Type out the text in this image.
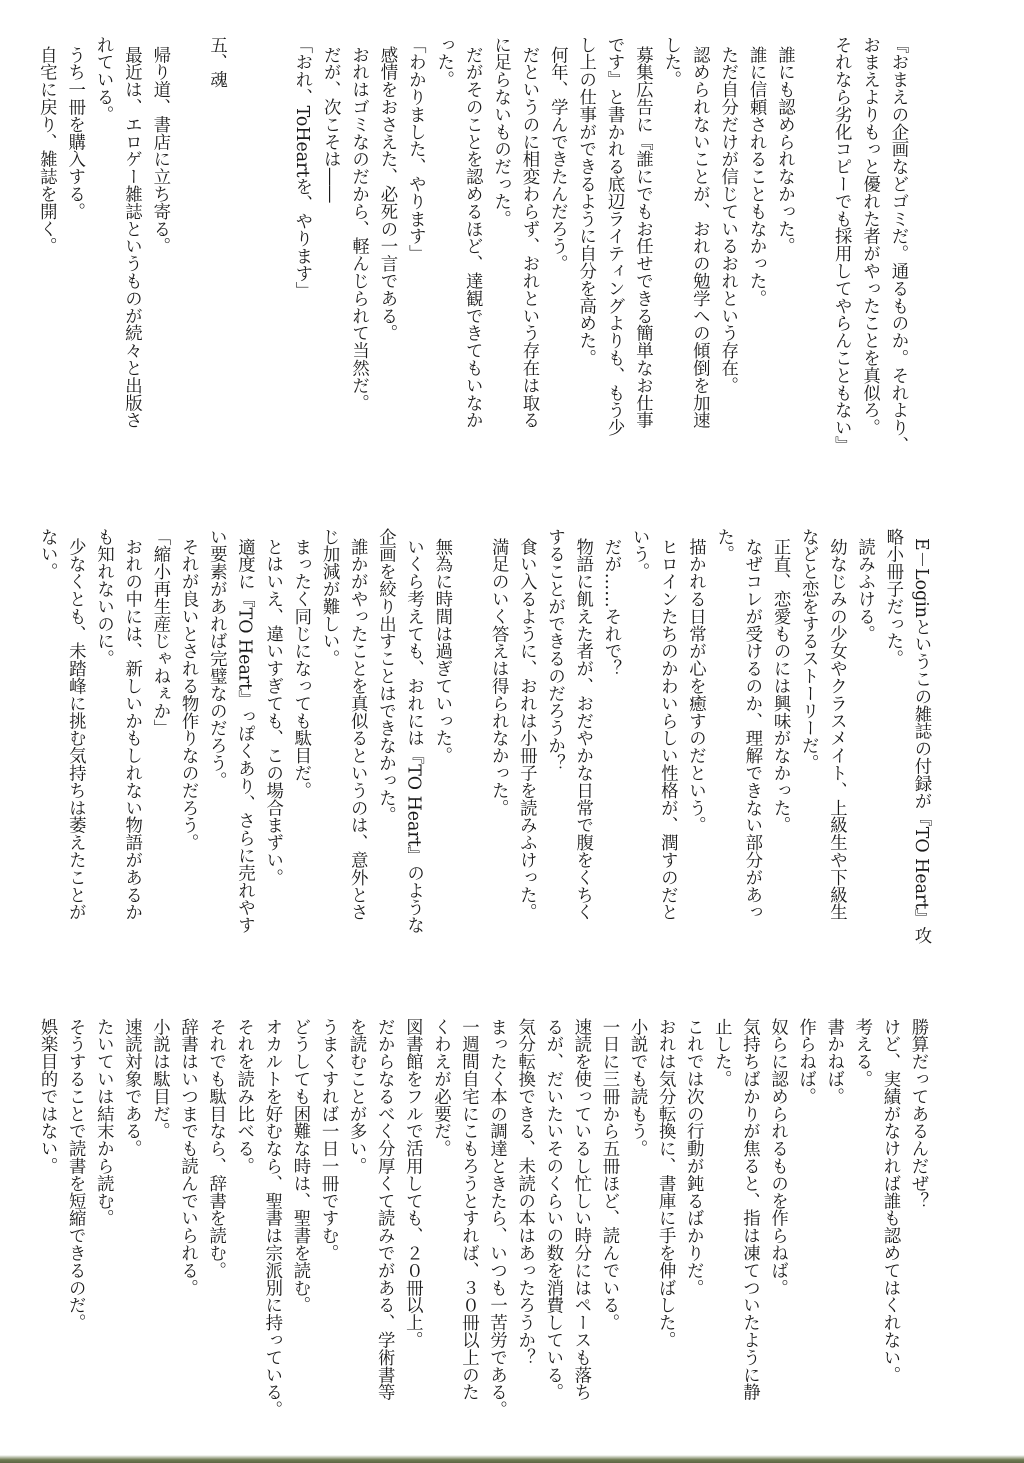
『おまえの企画などゴミだ。通るものか。それより、
おまえよりもっと優れた者がやったことを真似ろ。
それなら劣化コピーでも採用してやらんこともない』
誰にも認められなかった。
誰に信頼されることもなかった。
ただ自分だけが信じているおれという存在。
認められないことが、おれの勉学への傾倒を加速
した。
募集広告に『誰にでもお任せできる簡単なお仕事
です』と書かれる底辺ライティングよりも、もう少
し上の仕事ができるように自分を高めた。
何年、学んできたんだろう。
だというのに相変わらず、おれという存在は取る
に足らないものだった。
だがそのことを認めるほど、達観できてもいなか
った。
「わかりました、やります」
感情をおさえた、必死の一言である。
おれはゴミなのだから、軽んじられて当然だ。
だが、次こそは――
「おれ、ToHeartを、やります」
五、魂
帰り道、書店に立ち寄る。
最近は、エロゲー雑誌というものが続々と出版さ
れている。
うち一冊を購入する。
自宅に戻り、雑誌を開く。
E－Loginというこの雑誌の付録が『TO Heart』攻
略小冊子だった。
読みふける。
幼なじみの少女やクラスメイト、上級生や下級生
などと恋をするストーリーだ。
正直、恋愛ものには興味がなかった。
なぜコレが受けるのか、理解できない部分があっ
た。
描かれる日常が心を癒すのだという。
ヒロインたちのかわいらしい性格が、潤すのだと
いう。
だが……それで？
物語に飢えた者が、おだやかな日常で腹をくちく
することができるのだろうか？
食い入るように、おれは小冊子を読みふけった。
満足のいく答えは得られなかった。
無為に時間は過ぎていった。
いくら考えても、おれには『TO Heart』のような
企画を絞り出すことはできなかった。
誰かがやったことを真似るというのは、意外とさ
じ加減が難しい。
まったく同じになっても駄目だ。
とはいえ、違いすぎても、この場合まずい。
適度に『TO Heart』っぽくあり、さらに売れやす
い要素があれば完璧なのだろう。
それが良いとされる物作りなのだろう。
「縮小再生産じゃねぇか」
おれの中には、新しいかもしれない物語があるか
も知れないのに。
少なくとも、未踏峰に挑む気持ちは萎えたことが
ない。
勝算だってあるんだぜ？
けど、実績がなければ誰も認めてはくれない。
考える。
書かねば。
作らねば。
奴らに認められるものを作らねば。
気持ちばかりが焦ると、指は凍てついたように静
止した。
これでは次の行動が鈍るばかりだ。
おれは気分転換に、書庫に手を伸ばした。
小説でも読もう。
一日に三冊から五冊ほど、読んでいる。
速読を使っているし忙しい時分にはペースも落ち
るが、だいたいそのくらいの数を消費している。
気分転換できる、未読の本はあったろうか？
まったく本の調達ときたら、いつも一苦労である。
一週間自宅にこもろうとすれば、３０冊以上のた
くわえが必要だ。
図書館をフルで活用しても、２０冊以上。
だからなるべく分厚くて読みでがある、学術書等
を読むことが多い。
うまくすれば一日一冊ですむ。
どうしても困難な時は、聖書を読む。
オカルトを好むなら、聖書は宗派別に持っている。
それを読み比べる。
それでも駄目なら、辞書を読む。
辞書はいつまでも読んでいられる。
小説は駄目だ。
速読対象である。
たいていは結末から読む。
そうすることで読書を短縮できるのだ。
娯楽目的ではない。
